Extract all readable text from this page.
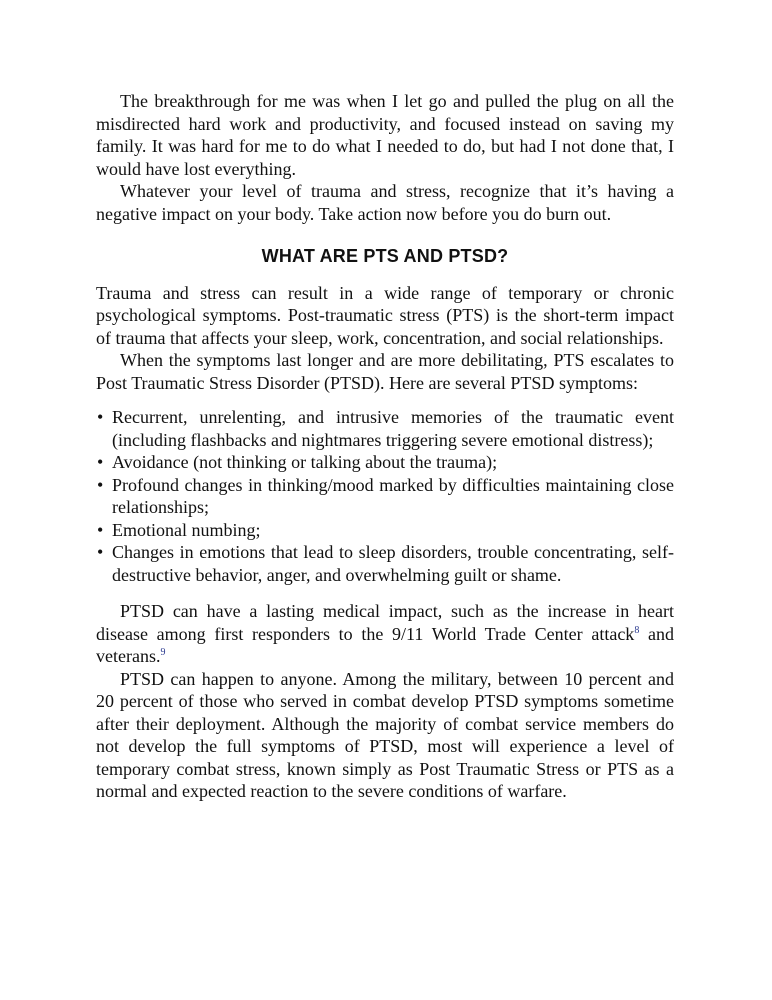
The breakthrough for me was when I let go and pulled the plug on all the misdirected hard work and productivity, and focused instead on saving my family. It was hard for me to do what I needed to do, but had I not done that, I would have lost everything.

Whatever your level of trauma and stress, recognize that it’s having a negative impact on your body. Take action now before you do burn out.

WHAT ARE PTS AND PTSD?

Trauma and stress can result in a wide range of temporary or chronic psychological symptoms. Post-traumatic stress (PTS) is the short-term impact of trauma that affects your sleep, work, concentration, and social relationships.

When the symptoms last longer and are more debilitating, PTS escalates to Post Traumatic Stress Disorder (PTSD). Here are several PTSD symptoms:

• Recurrent, unrelenting, and intrusive memories of the traumatic event (including flashbacks and nightmares triggering severe emotional distress);
• Avoidance (not thinking or talking about the trauma);
• Profound changes in thinking/mood marked by difficulties maintaining close relationships;
• Emotional numbing;
• Changes in emotions that lead to sleep disorders, trouble concentrating, self-destructive behavior, anger, and overwhelming guilt or shame.

PTSD can have a lasting medical impact, such as the increase in heart disease among first responders to the 9/11 World Trade Center attack$^8$ and veterans.$^9$

PTSD can happen to anyone. Among the military, between 10 percent and 20 percent of those who served in combat develop PTSD symptoms sometime after their deployment. Although the majority of combat service members do not develop the full symptoms of PTSD, most will experience a level of temporary combat stress, known simply as Post Traumatic Stress or PTS as a normal and expected reaction to the severe conditions of warfare.
